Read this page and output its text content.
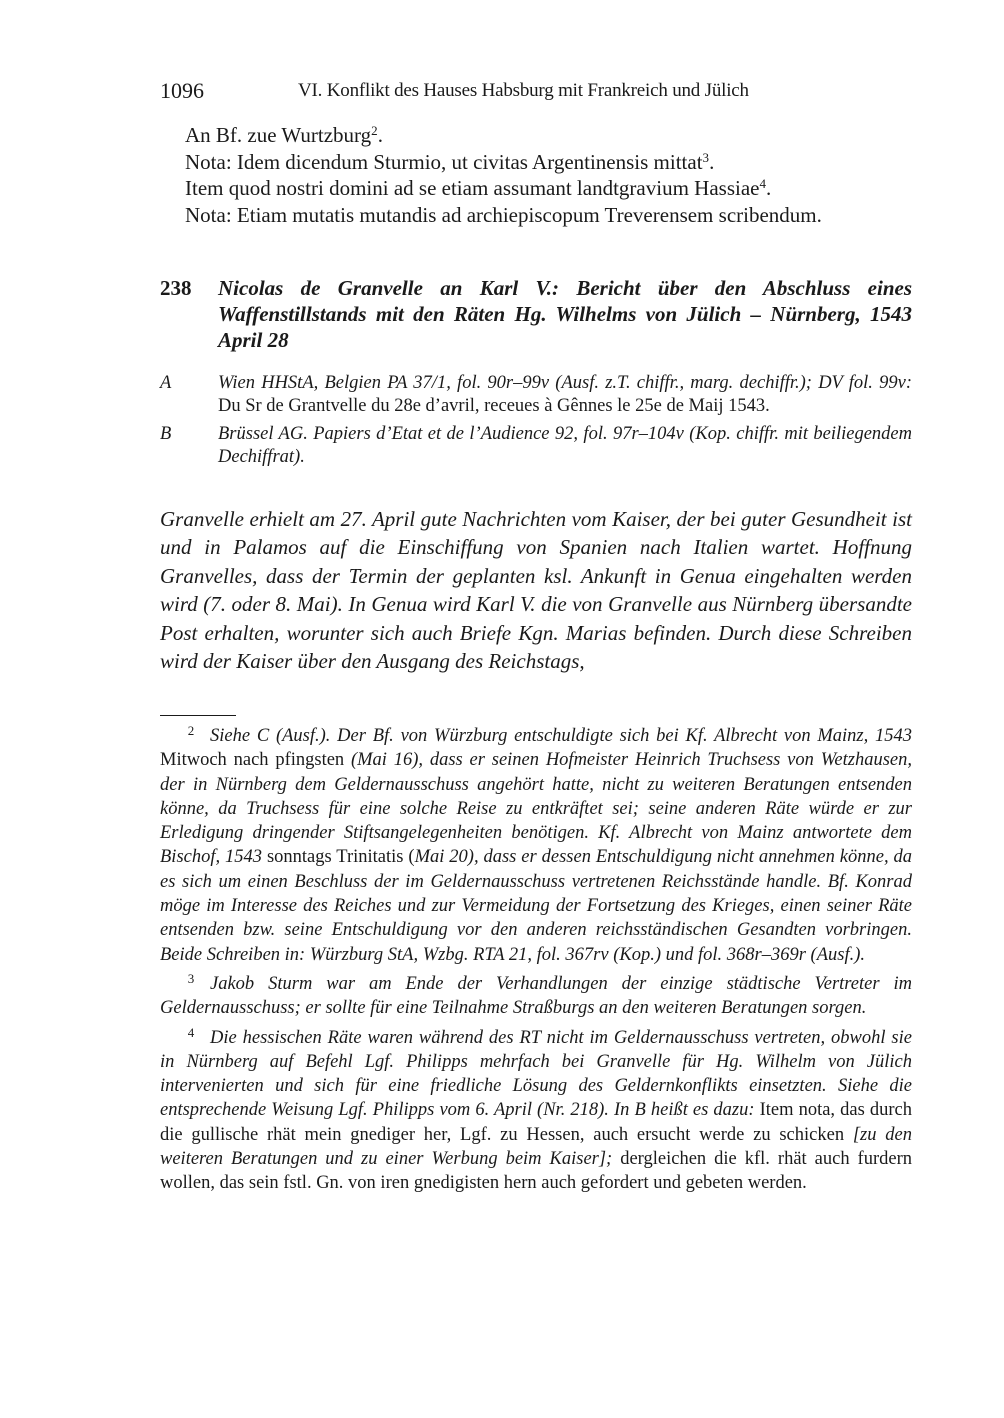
1096	VI. Konflikt des Hauses Habsburg mit Frankreich und Jülich
An Bf. zue Wurtzburg$^2$.
Nota: Idem dicendum Sturmio, ut civitas Argentinensis mittat$^3$.
Item quod nostri domini ad se etiam assumant landtgravium Hassiae$^4$.
Nota: Etiam mutatis mutandis ad archiepiscopum Treverensem scribendum.
238 Nicolas de Granvelle an Karl V.: Bericht über den Abschluss eines Waffenstillstands mit den Räten Hg. Wilhelms von Jülich – Nürnberg, 1543 April 28
A	Wien HHStA, Belgien PA 37/1, fol. 90r–99v (Ausf. z.T. chiffr., marg. dechiffr.); DV fol. 99v: Du Sr de Grantvelle du 28e d’avril, receues à Gênnes le 25e de Maij 1543.
B	Brüssel AG. Papiers d’Etat et de l’Audience 92, fol. 97r–104v (Kop. chiffr. mit beiliegendem Dechiffrat).

Granvelle erhielt am 27. April gute Nachrichten vom Kaiser, der bei guter Gesundheit ist und in Palamos auf die Einschiffung von Spanien nach Italien wartet. Hoffnung Granvelles, dass der Termin der geplanten ksl. Ankunft in Genua eingehalten werden wird (7. oder 8. Mai). In Genua wird Karl V. die von Granvelle aus Nürnberg übersandte Post erhalten, worunter sich auch Briefe Kgn. Marias befinden. Durch diese Schreiben wird der Kaiser über den Ausgang des Reichstags,

2 Siehe C (Ausf.). Der Bf. von Würzburg entschuldigte sich bei Kf. Albrecht von Mainz, 1543 Mitwoch nach pfingsten (Mai 16), dass er seinen Hofmeister Heinrich Truchsess von Wetzhausen, der in Nürnberg dem Geldernausschuss angehört hatte, nicht zu weiteren Beratungen entsenden könne, da Truchsess für eine solche Reise zu entkräftet sei; seine anderen Räte würde er zur Erledigung dringender Stiftsangelegenheiten benötigen. Kf. Albrecht von Mainz antwortete dem Bischof, 1543 sonntags Trinitatis (Mai 20), dass er dessen Entschuldigung nicht annehmen könne, da es sich um einen Beschluss der im Geldernausschuss vertretenen Reichsstände handle. Bf. Konrad möge im Interesse des Reiches und zur Vermeidung der Fortsetzung des Krieges, einen seiner Räte entsenden bzw. seine Entschuldigung vor den anderen reichsständischen Gesandten vorbringen. Beide Schreiben in: Würzburg StA, Wzbg. RTA 21, fol. 367rv (Kop.) und fol. 368r–369r (Ausf.).

3 Jakob Sturm war am Ende der Verhandlungen der einzige städtische Vertreter im Geldernausschuss; er sollte für eine Teilnahme Straßburgs an den weiteren Beratungen sorgen.

4 Die hessischen Räte waren während des RT nicht im Geldernausschuss vertreten, obwohl sie in Nürnberg auf Befehl Lgf. Philipps mehrfach bei Granvelle für Hg. Wilhelm von Jülich intervenierten und sich für eine friedliche Lösung des Geldernkonflikts einsetzten. Siehe die entsprechende Weisung Lgf. Philipps vom 6. April (Nr. 218). In B heißt es dazu: Item nota, das durch die gullische rhät mein gnediger her, Lgf. zu Hessen, auch ersucht werde zu schicken [zu den weiteren Beratungen und zu einer Werbung beim Kaiser]; dergleichen die kfl. rhät auch furdern wollen, das sein fstl. Gn. von iren gnedigisten hern auch gefordert und gebeten werden.
